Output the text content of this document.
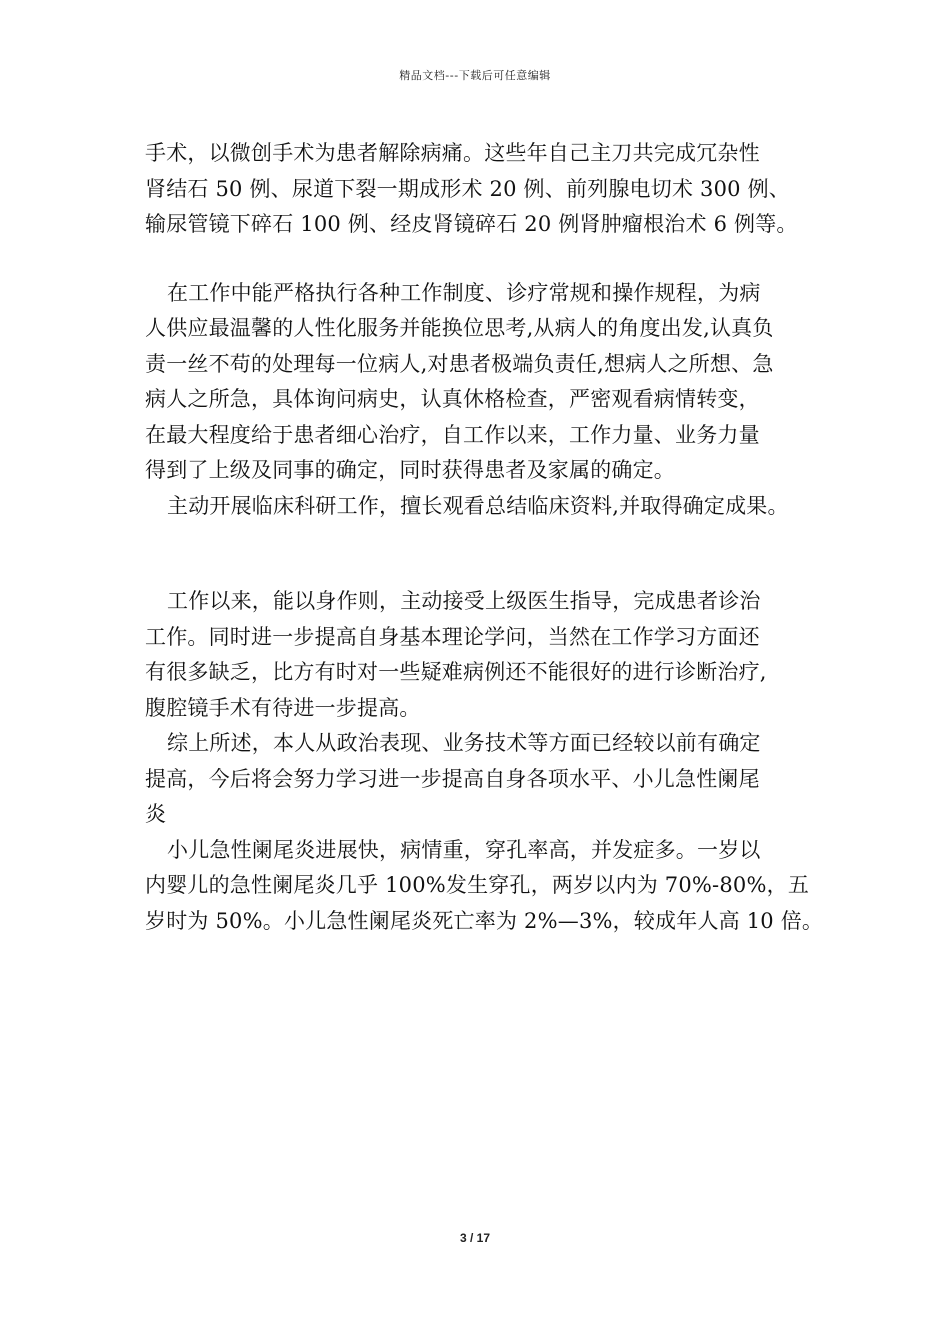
精品文档---下载后可任意编辑

手术，以微创手术为患者解除病痛。这些年自己主刀共完成冗杂性
肾结石 50 例、尿道下裂一期成形术 20 例、前列腺电切术 300 例、
输尿管镜下碎石 100 例、经皮肾镜碎石 20 例肾肿瘤根治术 6 例等。

在工作中能严格执行各种工作制度、诊疗常规和操作规程，为病
人供应最温馨的人性化服务并能换位思考,从病人的角度出发,认真负
责一丝不苟的处理每一位病人,对患者极端负责任,想病人之所想、急
病人之所急，具体询问病史，认真休格检查，严密观看病情转变，
在最大程度给于患者细心治疗，自工作以来，工作力量、业务力量
得到了上级及同事的确定，同时获得患者及家属的确定。

主动开展临床科研工作，擅长观看总结临床资料,并取得确定成果。

工作以来，能以身作则，主动接受上级医生指导，完成患者诊治
工作。同时进一步提高自身基本理论学问，当然在工作学习方面还
有很多缺乏，比方有时对一些疑难病例还不能很好的进行诊断治疗,
腹腔镜手术有待进一步提高。

综上所述，本人从政治表现、业务技术等方面已经较以前有确定
提高，今后将会努力学习进一步提高自身各项水平、小儿急性阑尾
炎

小儿急性阑尾炎进展快，病情重，穿孔率高，并发症多。一岁以
内婴儿的急性阑尾炎几乎 100%发生穿孔，两岁以内为 70%-80%，五
岁时为 50%。小儿急性阑尾炎死亡率为 2%—3%，较成年人高 10 倍。

3 / 17
